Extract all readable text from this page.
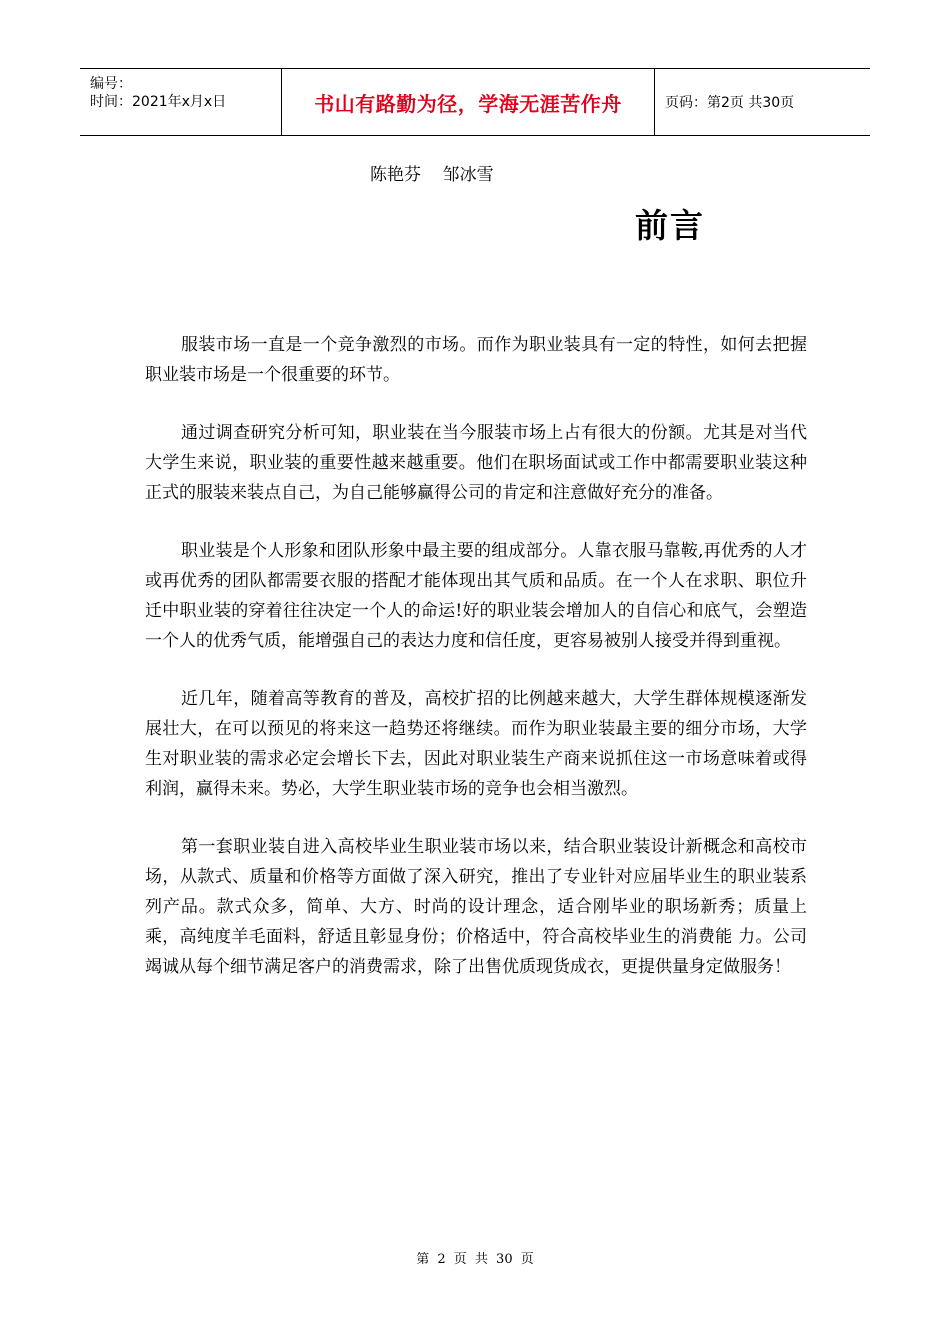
编号：
时间：2021年x月x日	书山有路勤为径，学海无涯苦作舟	页码：第2页 共30页
陈艳芬    邹冰雪
前言

服装市场一直是一个竞争激烈的市场。而作为职业装具有一定的特性，如何去把握职业装市场是一个很重要的环节。

通过调查研究分析可知，职业装在当今服装市场上占有很大的份额。尤其是对当代大学生来说，职业装的重要性越来越重要。他们在职场面试或工作中都需要职业装这种正式的服装来装点自己，为自己能够赢得公司的肯定和注意做好充分的准备。

职业装是个人形象和团队形象中最主要的组成部分。人靠衣服马靠鞍,再优秀的人才或再优秀的团队都需要衣服的搭配才能体现出其气质和品质。在一个人在求职、职位升迁中职业装的穿着往往决定一个人的命运!好的职业装会增加人的自信心和底气，会塑造一个人的优秀气质，能增强自己的表达力度和信任度，更容易被别人接受并得到重视。

近几年，随着高等教育的普及，高校扩招的比例越来越大，大学生群体规模逐渐发展壮大，在可以预见的将来这一趋势还将继续。而作为职业装最主要的细分市场，大学生对职业装的需求必定会增长下去，因此对职业装生产商来说抓住这一市场意味着或得利润，赢得未来。势必，大学生职业装市场的竞争也会相当激烈。

第一套职业装自进入高校毕业生职业装市场以来，结合职业装设计新概念和高校市场，从款式、质量和价格等方面做了深入研究，推出了专业针对应届毕业生的职业装系列产品。款式众多，简单、大方、时尚的设计理念，适合刚毕业的职场新秀；质量上乘，高纯度羊毛面料，舒适且彰显身份；价格适中，符合高校毕业生的消费能 力。公司竭诚从每个细节满足客户的消费需求，除了出售优质现货成衣，更提供量身定做服务！

第 2 页 共 30 页
